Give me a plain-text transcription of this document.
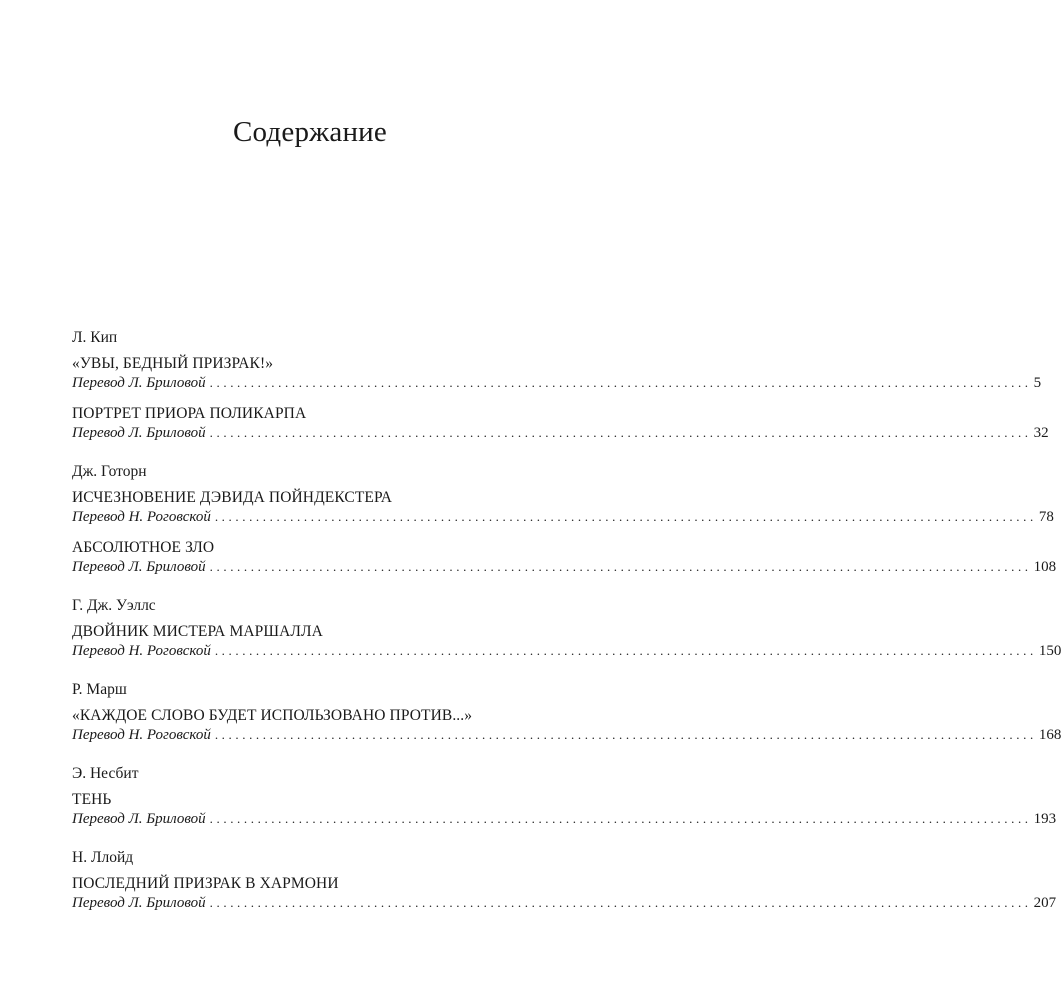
Содержание
Л. Кип
«УВЫ, БЕДНЫЙ ПРИЗРАК!»
Перевод Л. Бриловой ........................................................................................................................ 5
ПОРТРЕТ ПРИОРА ПОЛИКАРПА
Перевод Л. Бриловой ........................................................................................................................ 32
Дж. Готорн
ИСЧЕЗНОВЕНИЕ ДЭВИДА ПОЙНДЕКСТЕРА
Перевод Н. Роговской ........................................................................................................................ 78
АБСОЛЮТНОЕ ЗЛО
Перевод Л. Бриловой ........................................................................................................................ 108
Г. Дж. Уэллс
ДВОЙНИК МИСТЕРА МАРШАЛЛА
Перевод Н. Роговской ........................................................................................................................ 150
Р. Марш
«КАЖДОЕ СЛОВО БУДЕТ ИСПОЛЬЗОВАНО ПРОТИВ...»
Перевод Н. Роговской ........................................................................................................................ 168
Э. Несбит
ТЕНЬ
Перевод Л. Бриловой ........................................................................................................................ 193
Н. Ллойд
ПОСЛЕДНИЙ ПРИЗРАК В ХАРМОНИ
Перевод Л. Бриловой ........................................................................................................................ 207
